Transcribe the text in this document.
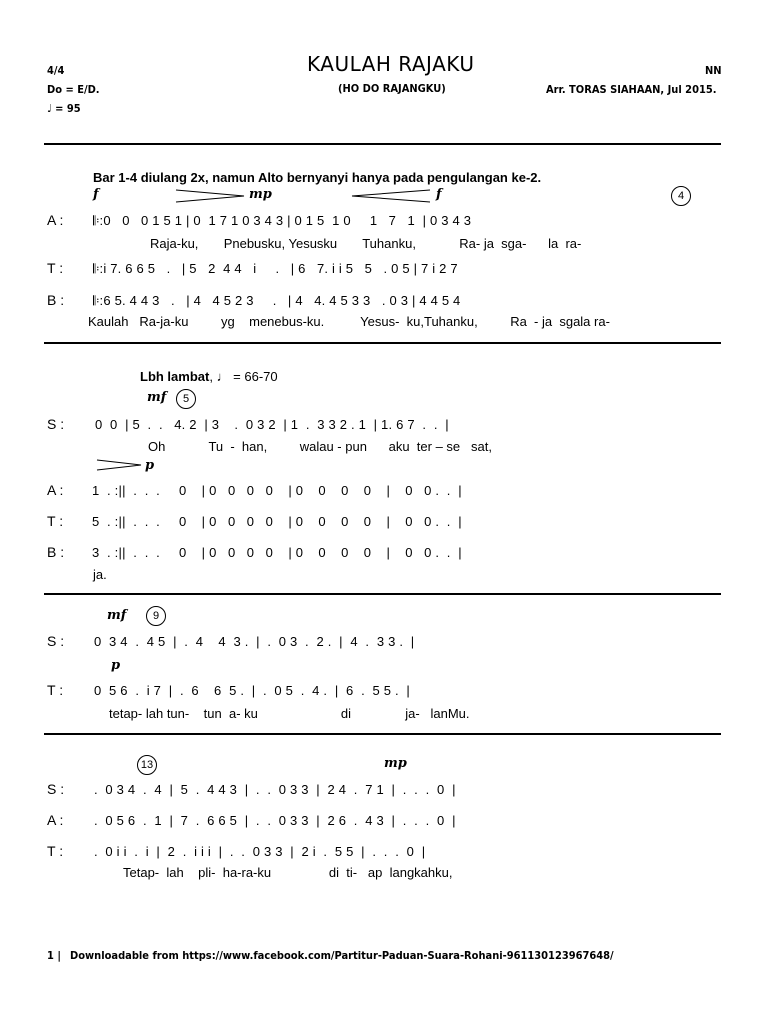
4/4
Do = E/D.
♩ = 95
KAULAH RAJAKU
(HO DO RAJANGKU)
NN
Arr. TORAS SIAHAAN, Jul 2015.
Bar 1-4 diulang 2x, namun Alto bernyanyi hanya pada pengulangan ke-2.
f	mp	f	4
A : 𝄆:0   0   0 1 5 1 | 0  1 7 1 0 3 4 3 | 0 1 5  1 0     1   7   1  | 0 3 4 3
Raja-ku,       Pnebusku, Yesusku       Tuhanku,            Ra- ja  sga-      la  ra-
T : 𝄆:i 7. 6 6 5   .   | 5   2  4 4   i     .   | 6   7. i i 5   5   . 0 5 | 7 i 2 7
B : 𝄆:6 5. 4 4 3   .   | 4   4 5 2 3     .   | 4   4. 4 5 3 3   . 0 3 | 4 4 5 4
Kaulah   Ra-ja-ku         yg    menebus-ku.          Yesus-  ku,Tuhanku,         Ra  - ja  sgala ra-
Lbh lambat, ♩ = 66-70
mf	5
S : 0  0  | 5  .  .   4. 2  | 3    .  0 3 2  | 1  .  3 3 2 . 1  | 1. 6 7  .  .  |
Oh            Tu  -  han,         walau - pun      aku  ter – se   sat,
p
A : 1  . :||  .  .  .     0    | 0   0   0   0    | 0    0    0    0    |    0   0 .  .  |
T : 5  . :||  .  .  .     0    | 0   0   0   0    | 0    0    0    0    |    0   0 .  .  |
B : 3  . :||  .  .  .     0    | 0   0   0   0    | 0    0    0    0    |    0   0 .  .  |
ja.
mf	9
S : 0  3 4  .  4 5  |  .  4    4  3 .  |  .  0 3  .  2 .  |  4  .  3 3 .  |
p
T : 0  5 6  .  i 7  |  .  6    6  5 .  |  .  0 5  .  4 .  |  6  .  5 5 .  |
tetap- lah tun-    tun  a- ku                       di               ja-   lanMu.
13	mp
S : .  0 3 4  .  4  |  5  .  4 4 3  |  .  .  0 3 3  |  2 4  .  7 1  |  .  .  .  0  |
A : .  0 5 6  .  1  |  7  .  6 6 5  |  .  .  0 3 3  |  2 6  .  4 3  |  .  .  .  0  |
T : .  0 i i  .  i  |  2  .  i i i  |  .  .  0 3 3  |  2 i  .  5 5  |  .  .  .  0  |
Tetap-  lah    pli-  ha-ra-ku                di  ti-   ap  langkahku,
1 | Downloadable from https://www.facebook.com/Partitur-Paduan-Suara-Rohani-961130123967648/
